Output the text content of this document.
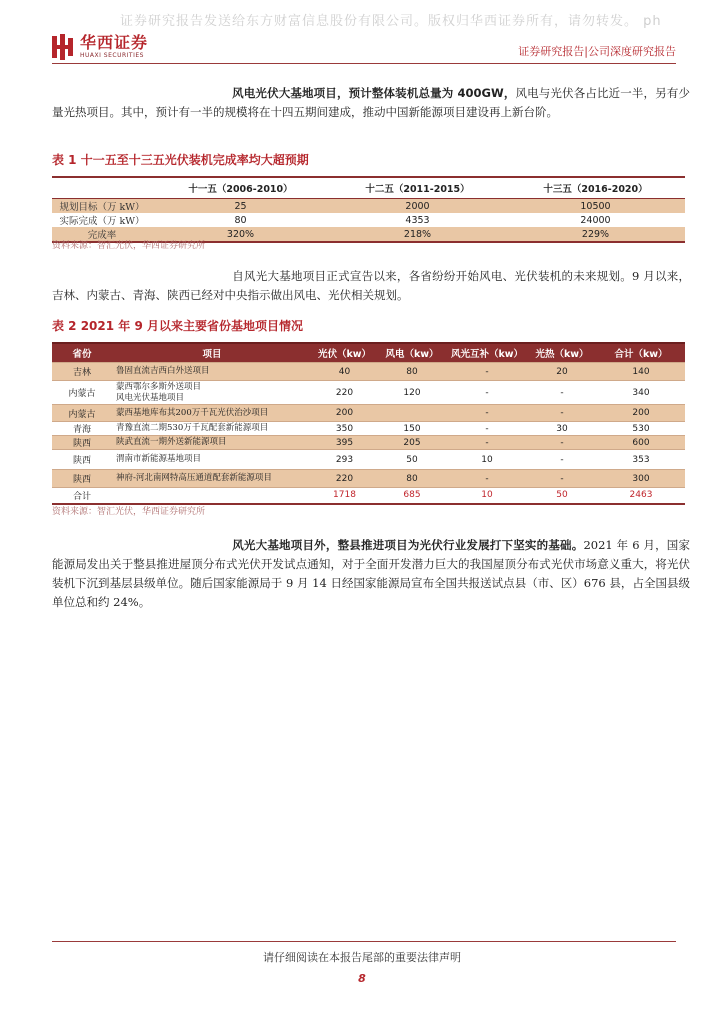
证券研究报告发送给东方财富信息股份有限公司。版权归华西证券所有，请勿转发。 ph
华西证券
HUAXI SECURITIES	证券研究报告|公司深度研究报告
风电光伏大基地项目，预计整体装机总量为 400GW，风电与光伏各占比近一半，另有少量光热项目。其中，预计有一半的规模将在十四五期间建成，推动中国新能源项目建设再上新台阶。
表 1 十一五至十三五光伏装机完成率均大超预期
	十一五（2006-2010）	十二五（2011-2015）	十三五（2016-2020）
规划目标（万 kW）	25	2000	10500
实际完成（万 kW）	80	4353	24000
完成率	320%	218%	229%
资料来源：智汇光伏，华西证券研究所
自风光大基地项目正式宣告以来，各省纷纷开始风电、光伏装机的未来规划。9 月以来，吉林、内蒙古、青海、陕西已经对中央指示做出风电、光伏相关规划。
表 2 2021 年 9 月以来主要省份基地项目情况
省份	项目	光伏（kw）	风电（kw）	风光互补（kw）	光热（kw）	合计（kw）
吉林	鲁固直流吉西白外送项目	40	80	-	20	140
内蒙古	蒙西鄂尔多斯外送项目
风电光伏基地项目	220	120	-	-	340
内蒙古	蒙西基地库布其200万千瓦光伏治沙项目	200		-	-	200
青海	青豫直流二期530万千瓦配套新能源项目	350	150	-	30	530
陕西	陕武直流一期外送新能源项目	395	205	-	-	600
陕西	渭南市新能源基地项目	293	50	10	-	353
陕西	神府-河北南网特高压通道配套新能源项目	220	80	-	-	300
合计		1718	685	10	50	2463
资料来源：智汇光伏，华西证券研究所
风光大基地项目外，整县推进项目为光伏行业发展打下坚实的基础。2021 年 6 月，国家能源局发出关于整县推进屋顶分布式光伏开发试点通知，对于全面开发潜力巨大的我国屋顶分布式光伏市场意义重大，将光伏装机下沉到基层县级单位。随后国家能源局于 9 月 14 日经国家能源局宣布全国共报送试点县（市、区）676 县，占全国县级单位总和约 24%。
请仔细阅读在本报告尾部的重要法律声明
8
